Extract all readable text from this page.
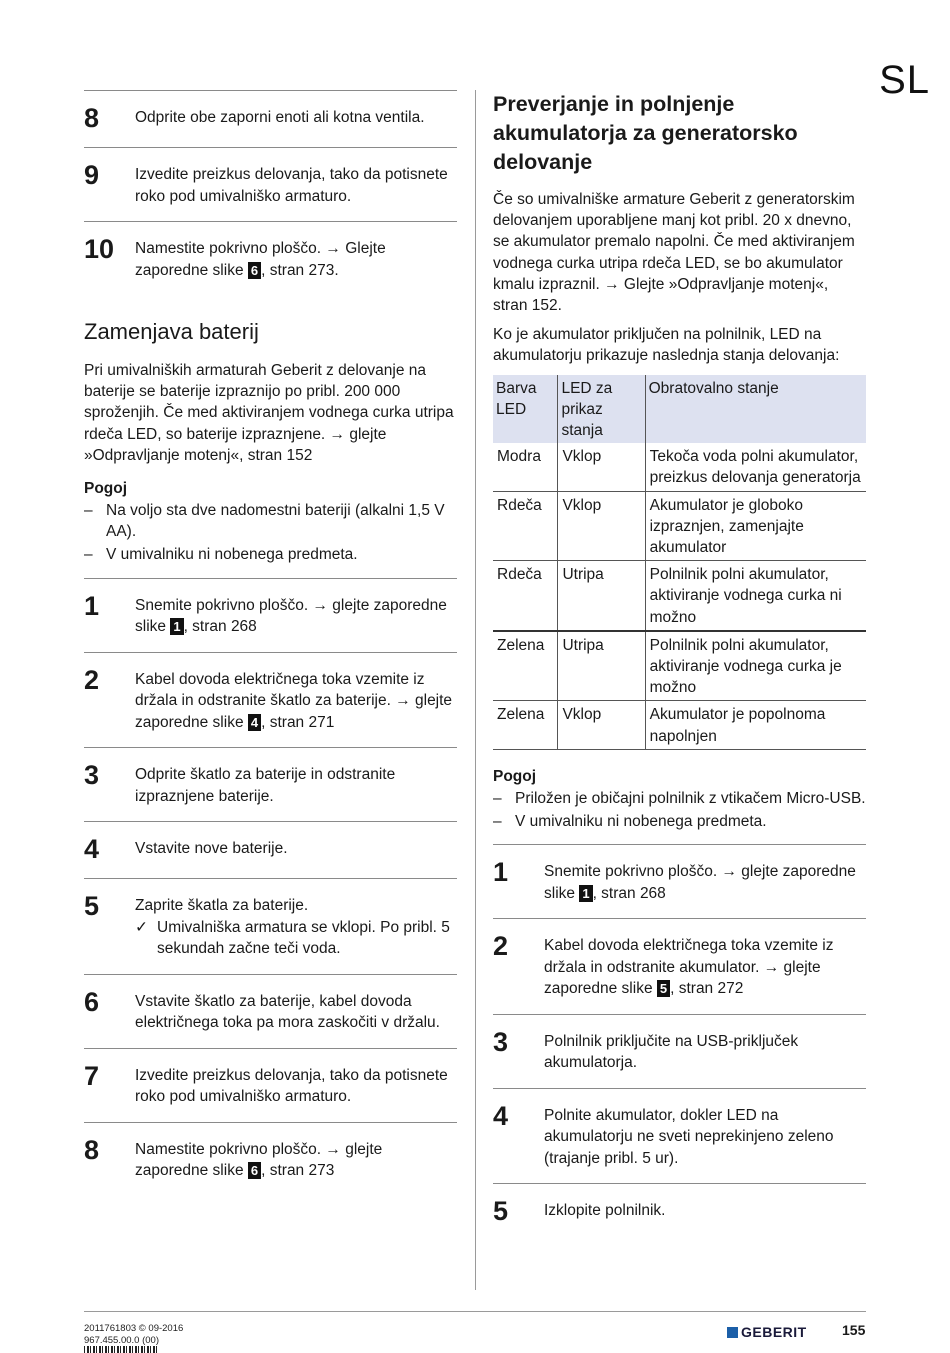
SL
8	Odprite obe zaporni enoti ali kotna ventila.
9	Izvedite preizkus delovanja, tako da potisnete roko pod umivalniško armaturo.
10	Namestite pokrivno ploščo. → Glejte zaporedne slike 6 , stran 273.
Zamenjava baterij

Pri umivalniških armaturah Geberit z delovanje na baterije se baterije izpraznijo po pribl. 200 000 sproženjih. Če med aktiviranjem vodnega curka utripa rdeča LED, so baterije izpraznjene. → glejte »Odpravljanje motenj«, stran 152

Pogoj
– Na voljo sta dve nadomestni bateriji (alkalni 1,5 V AA).
– V umivalniku ni nobenega predmeta.
1	Snemite pokrivno ploščo. → glejte zaporedne slike 1 , stran 268
2	Kabel dovoda električnega toka vzemite iz držala in odstranite škatlo za baterije. → glejte zaporedne slike 4 , stran 271
3	Odprite škatlo za baterije in odstranite izpraznjene baterije.
4	Vstavite nove baterije.
5	Zaprite škatla za baterije.
✓ Umivalniška armatura se vklopi. Po pribl. 5 sekundah začne teči voda.
6	Vstavite škatlo za baterije, kabel dovoda električnega toka pa mora zaskočiti v držalu.
7	Izvedite preizkus delovanja, tako da potisnete roko pod umivalniško armaturo.
8	Namestite pokrivno ploščo. → glejte zaporedne slike 6 , stran 273
Preverjanje in polnjenje akumulatorja za generatorsko delovanje

Če so umivalniške armature Geberit z generatorskim delovanjem uporabljene manj kot pribl. 20 x dnevno, se akumulator premalo napolni. Če med aktiviranjem vodnega curka utripa rdeča LED, se bo akumulator kmalu izpraznil. → Glejte »Odpravljanje motenj«, stran 152.

Ko je akumulator priključen na polnilnik, LED na akumulatorju prikazuje naslednja stanja delovanja:

Barva LED	LED za prikaz stanja	Obratovalno stanje
Modra	Vklop	Tekoča voda polni akumulator, preizkus delovanja generatorja
Rdeča	Vklop	Akumulator je globoko izpraznjen, zamenjajte akumulator
Rdeča	Utripa	Polnilnik polni akumulator, aktiviranje vodnega curka ni možno
Zelena	Utripa	Polnilnik polni akumulator, aktiviranje vodnega curka je možno
Zelena	Vklop	Akumulator je popolnoma napolnjen
Pogoj
– Priložen je običajni polnilnik z vtikačem Micro-USB.
– V umivalniku ni nobenega predmeta.
1	Snemite pokrivno ploščo. → glejte zaporedne slike 1 , stran 268
2	Kabel dovoda električnega toka vzemite iz držala in odstranite akumulator. → glejte zaporedne slike 5 , stran 272
3	Polnilnik priključite na USB-priključek akumulatorja.
4	Polnite akumulator, dokler LED na akumulatorju ne sveti neprekinjeno zeleno (trajanje pribl. 5 ur).
5	Izklopite polnilnik.
2011761803 © 09-2016
967.455.00.0 (00)
GEBERIT	155
